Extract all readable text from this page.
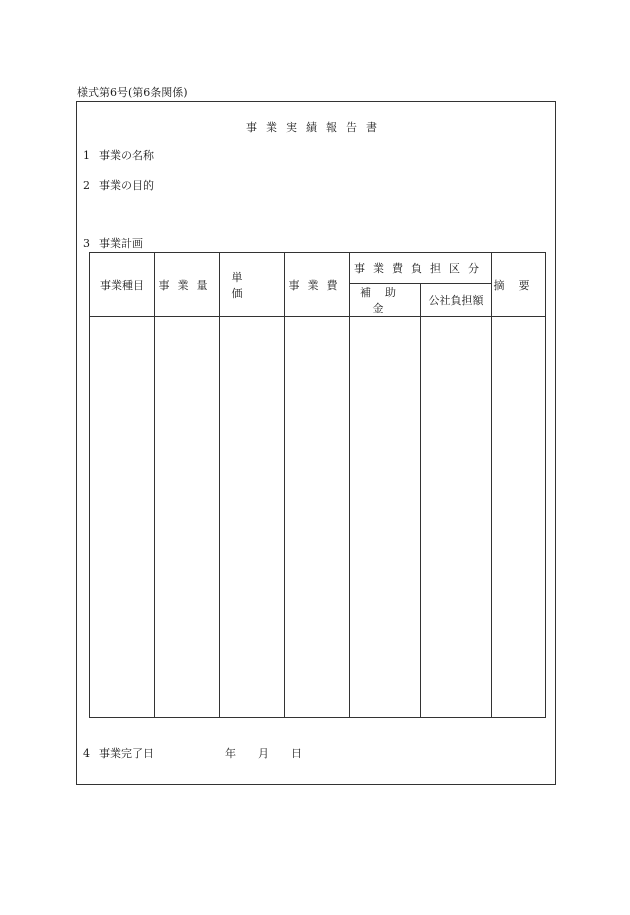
様式第6号(第6条関係)
事業実績報告書
1 事業の名称
2 事業の目的
3 事業計画
事業種目	事業量	単価	事業費	事業費負担区分		摘要
				補助金	公社負担額	

4 事業完了日	年 月 日
